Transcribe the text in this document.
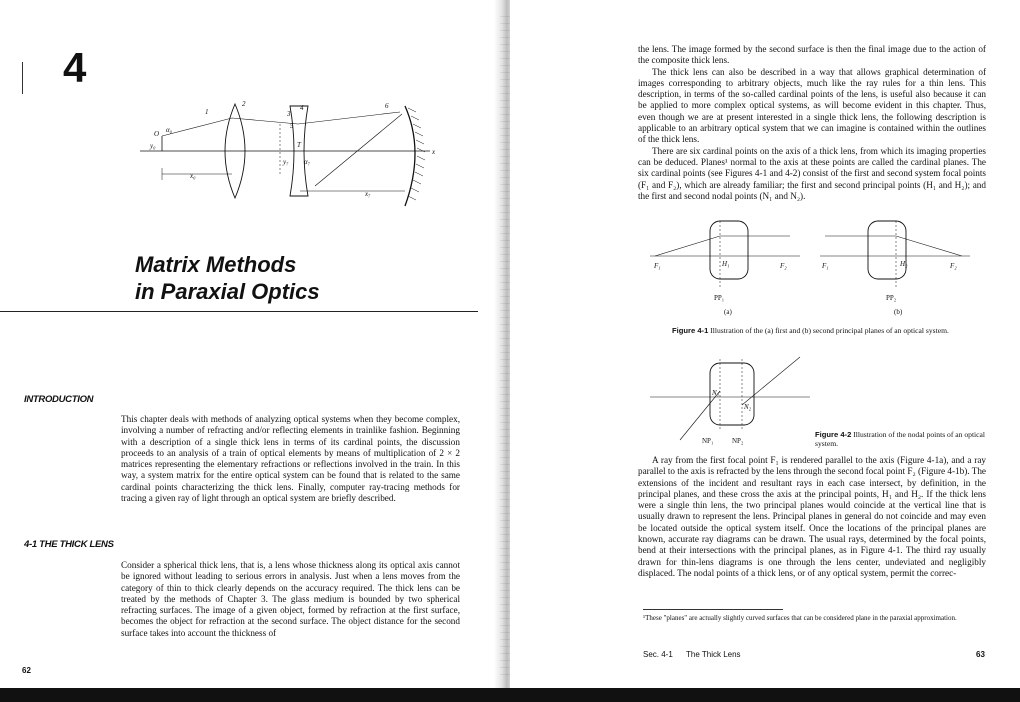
4
1
2
3
4
5
6
O α₀
y₀
x₀
T
y₇ α₇
x₇
x
Matrix Methods
in Paraxial Optics
INTRODUCTION

This chapter deals with methods of analyzing optical systems when they become complex, involving a number of refracting and/or reflecting elements in trainlike fashion. Beginning with a description of a single thick lens in terms of its cardinal points, the discussion proceeds to an analysis of a train of optical elements by means of multiplication of 2 × 2 matrices representing the elementary refractions or reflections involved in the train. In this way, a system matrix for the entire optical system can be found that is related to the same cardinal points characterizing the thick lens. Finally, computer ray-tracing methods for tracing a given ray of light through an optical system are briefly described.

4-1 THE THICK LENS

Consider a spherical thick lens, that is, a lens whose thickness along its optical axis cannot be ignored without leading to serious errors in analysis. Just when a lens moves from the category of thin to thick clearly depends on the accuracy required. The thick lens can be treated by the methods of Chapter 3. The glass medium is bounded by two spherical refracting surfaces. The image of a given object, formed by refraction at the first surface, becomes the object for refraction at the second surface. The object distance for the second surface takes into account the thickness of

62

the lens. The image formed by the second surface is then the final image due to the action of the composite thick lens.

The thick lens can also be described in a way that allows graphical determination of images corresponding to arbitrary objects, much like the ray rules for a thin lens. This description, in terms of the so-called cardinal points of the lens, is useful also because it can be applied to more complex optical systems, as will become evident in this chapter. Thus, even though we are at present interested in a single thick lens, the following description is applicable to an arbitrary optical system that we can imagine is contained within the outlines of the thick lens.

There are six cardinal points on the axis of a thick lens, from which its imaging properties can be deduced. Planes¹ normal to the axis at these points are called the cardinal planes. The six cardinal points (see Figures 4-1 and 4-2) consist of the first and second system focal points (F₁ and F₂), which are already familiar; the first and second principal points (H₁ and H₂); and the first and second nodal points (N₁ and N₂).

F₁	H₁	F₂
PP₁
(a)
F₁	H₂	F₂
PP₂
(b)
Figure 4-1 Illustration of the (a) first and (b) second principal planes of an optical system.
N₁
N₂
NP₁	NP₂
Figure 4-2 Illustration of the nodal points of an optical system.

A ray from the first focal point F₁ is rendered parallel to the axis (Figure 4-1a), and a ray parallel to the axis is refracted by the lens through the second focal point F₂ (Figure 4-1b). The extensions of the incident and resultant rays in each case intersect, by definition, in the principal planes, and these cross the axis at the principal points, H₁ and H₂. If the thick lens were a single thin lens, the two principal planes would coincide at the vertical line that is usually drawn to represent the lens. Principal planes in general do not coincide and may even be located outside the optical system itself. Once the locations of the principal planes are known, accurate ray diagrams can be drawn. The usual rays, determined by the focal points, bend at their intersections with the principal planes, as in Figure 4-1. The third ray usually drawn for thin-lens diagrams is one through the lens center, undeviated and negligibly displaced. The nodal points of a thick lens, or of any optical system, permit the correc-

¹These "planes" are actually slightly curved surfaces that can be considered plane in the paraxial approximation.
Sec. 4-1 The Thick Lens	63
